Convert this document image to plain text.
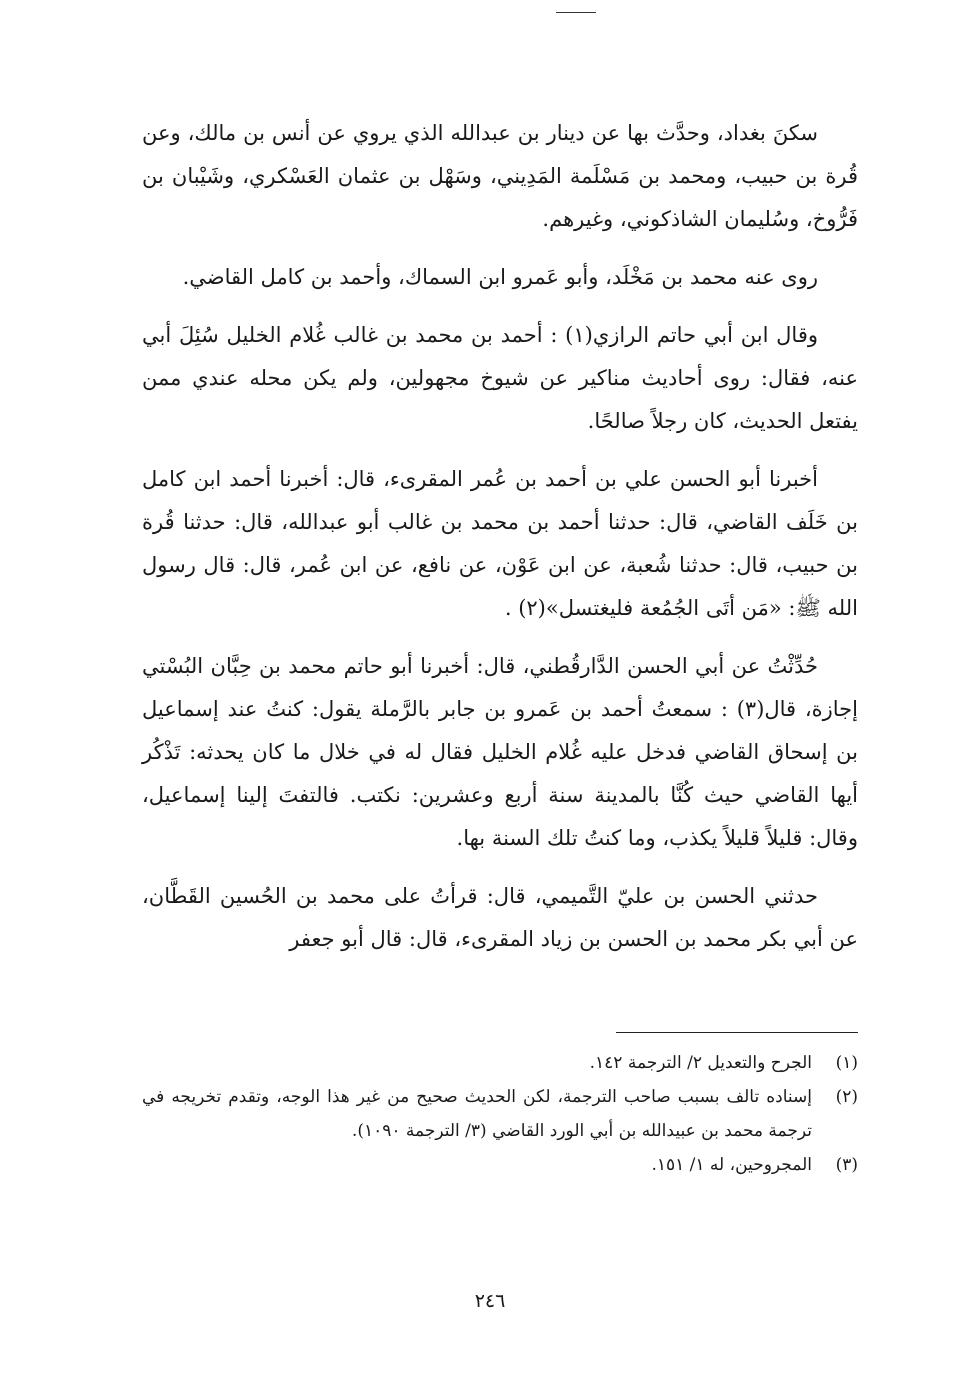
سكنَ بغداد، وحدَّث بها عن دينار بن عبدالله الذي يروي عن أنس بن مالك، وعن قُرة بن حبيب، ومحمد بن مَسْلَمة المَدِيني، وسَهْل بن عثمان العَسْكري، وشَيْبان بن فَرُّوخ، وسُليمان الشاذكوني، وغيرهم.

روى عنه محمد بن مَخْلَد، وأبو عَمرو ابن السماك، وأحمد بن كامل القاضي.

وقال ابن أبي حاتم الرازي(١) : أحمد بن محمد بن غالب غُلام الخليل سُئِلَ أبي عنه، فقال: روى أحاديث مناكير عن شيوخ مجهولين، ولم يكن محله عندي ممن يفتعل الحديث، كان رجلاً صالحًا.

أخبرنا أبو الحسن علي بن أحمد بن عُمر المقرىء، قال: أخبرنا أحمد ابن كامل بن خَلَف القاضي، قال: حدثنا أحمد بن محمد بن غالب أبو عبدالله، قال: حدثنا قُرة بن حبيب، قال: حدثنا شُعبة، عن ابن عَوْن، عن نافع، عن ابن عُمر، قال: قال رسول الله ﷺ: «مَن أتَى الجُمُعة فليغتسل»(٢) .

حُدِّثْتُ عن أبي الحسن الدَّارقُطني، قال: أخبرنا أبو حاتم محمد بن حِبَّان البُسْتي إجازة، قال(٣) : سمعتُ أحمد بن عَمرو بن جابر بالرَّملة يقول: كنتُ عند إسماعيل بن إسحاق القاضي فدخل عليه غُلام الخليل فقال له في خلال ما كان يحدثه: تَذْكُر أيها القاضي حيث كُنَّا بالمدينة سنة أربع وعشرين: نكتب. فالتفتَ إلينا إسماعيل، وقال: قليلاً قليلاً يكذب، وما كنتُ تلك السنة بها.

حدثني الحسن بن عليّ التَّميمي، قال: قرأتُ على محمد بن الحُسين القَطَّان، عن أبي بكر محمد بن الحسن بن زياد المقرىء، قال: قال أبو جعفر

(١)
الجرح والتعديل ٢/ الترجمة ١٤٢.
(٢)
إسناده تالف بسبب صاحب الترجمة، لكن الحديث صحيح من غير هذا الوجه، وتقدم تخريجه في ترجمة محمد بن عبيدالله بن أبي الورد القاضي (٣/ الترجمة ١٠٩٠).
(٣)
المجروحين، له ١/ ١٥١.
٢٤٦
